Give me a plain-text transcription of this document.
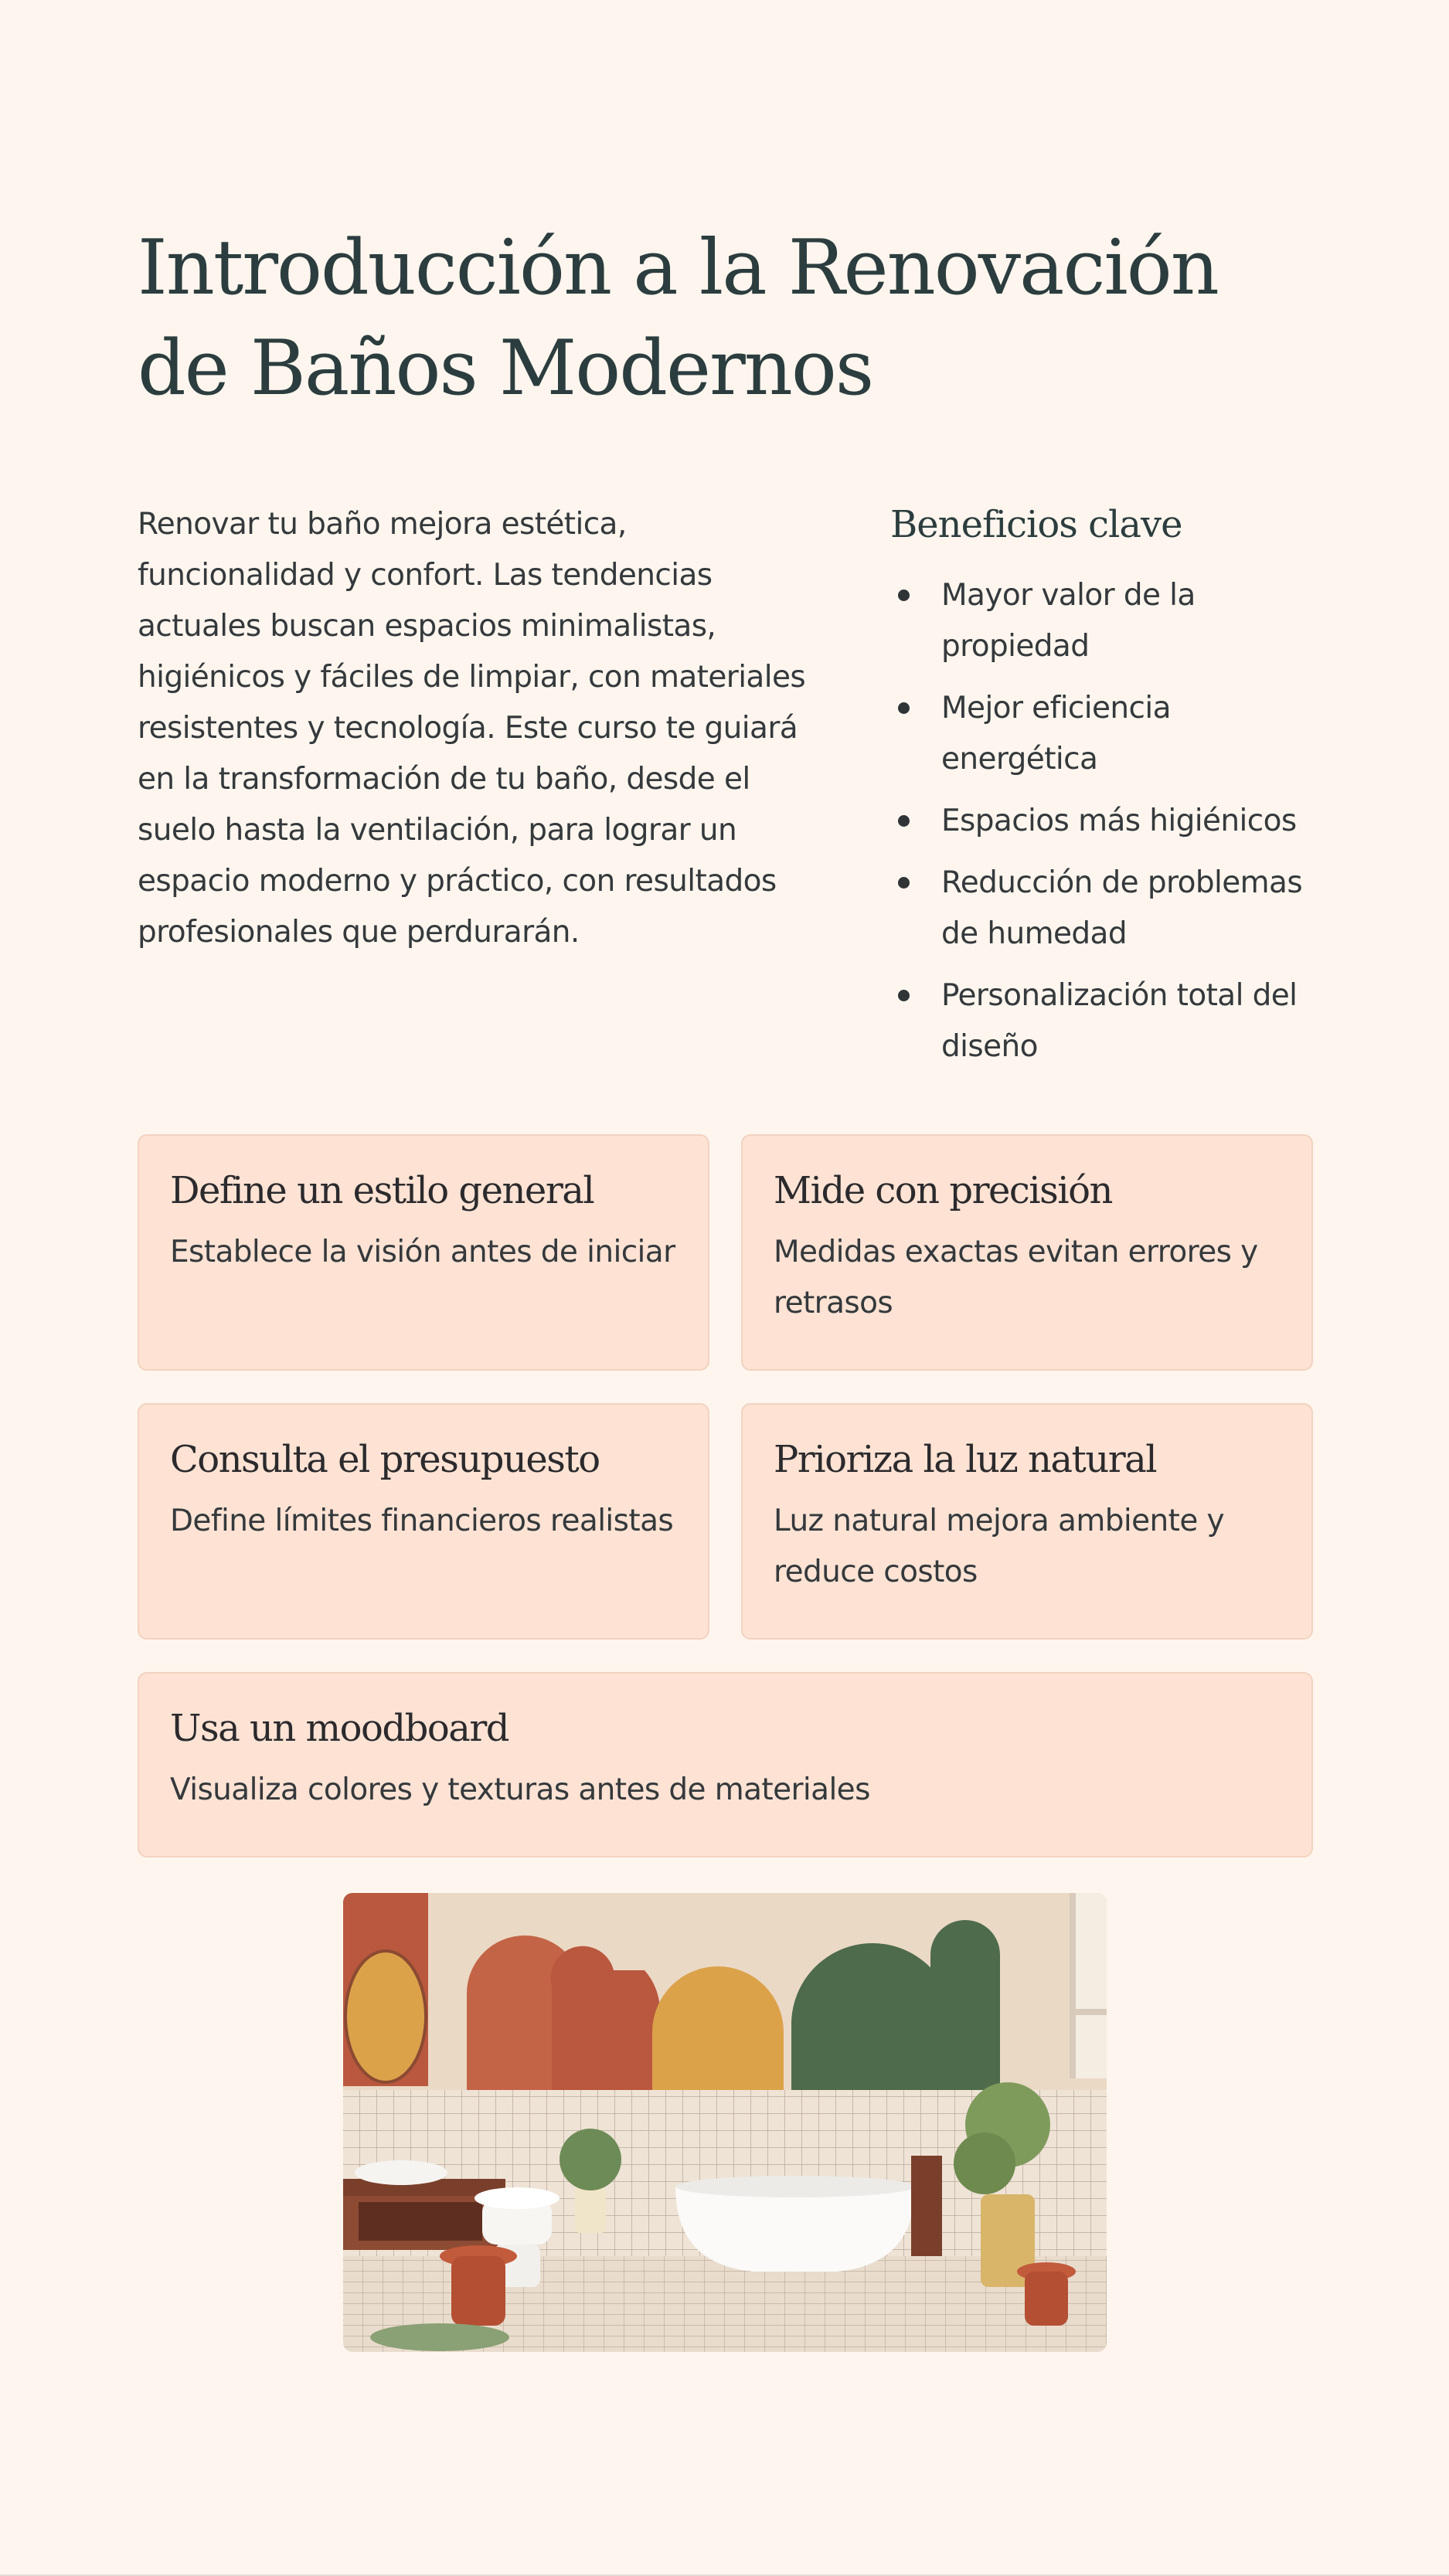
Introducción a la Renovación de Baños Modernos

Renovar tu baño mejora estética, funcionalidad y confort. Las tendencias actuales buscan espacios minimalistas, higiénicos y fáciles de limpiar, con materiales resistentes y tecnología. Este curso te guiará en la transformación de tu baño, desde el suelo hasta la ventilación, para lograr un espacio moderno y práctico, con resultados profesionales que perdurarán.

Beneficios clave
Mayor valor de la propiedad
Mejor eficiencia energética
Espacios más higiénicos
Reducción de problemas de humedad
Personalización total del diseño
Define un estilo general

Establece la visión antes de iniciar

Mide con precisión

Medidas exactas evitan errores y retrasos

Consulta el presupuesto

Define límites financieros realistas

Prioriza la luz natural

Luz natural mejora ambiente y reduce costos

Usa un moodboard

Visualiza colores y texturas antes de materiales
